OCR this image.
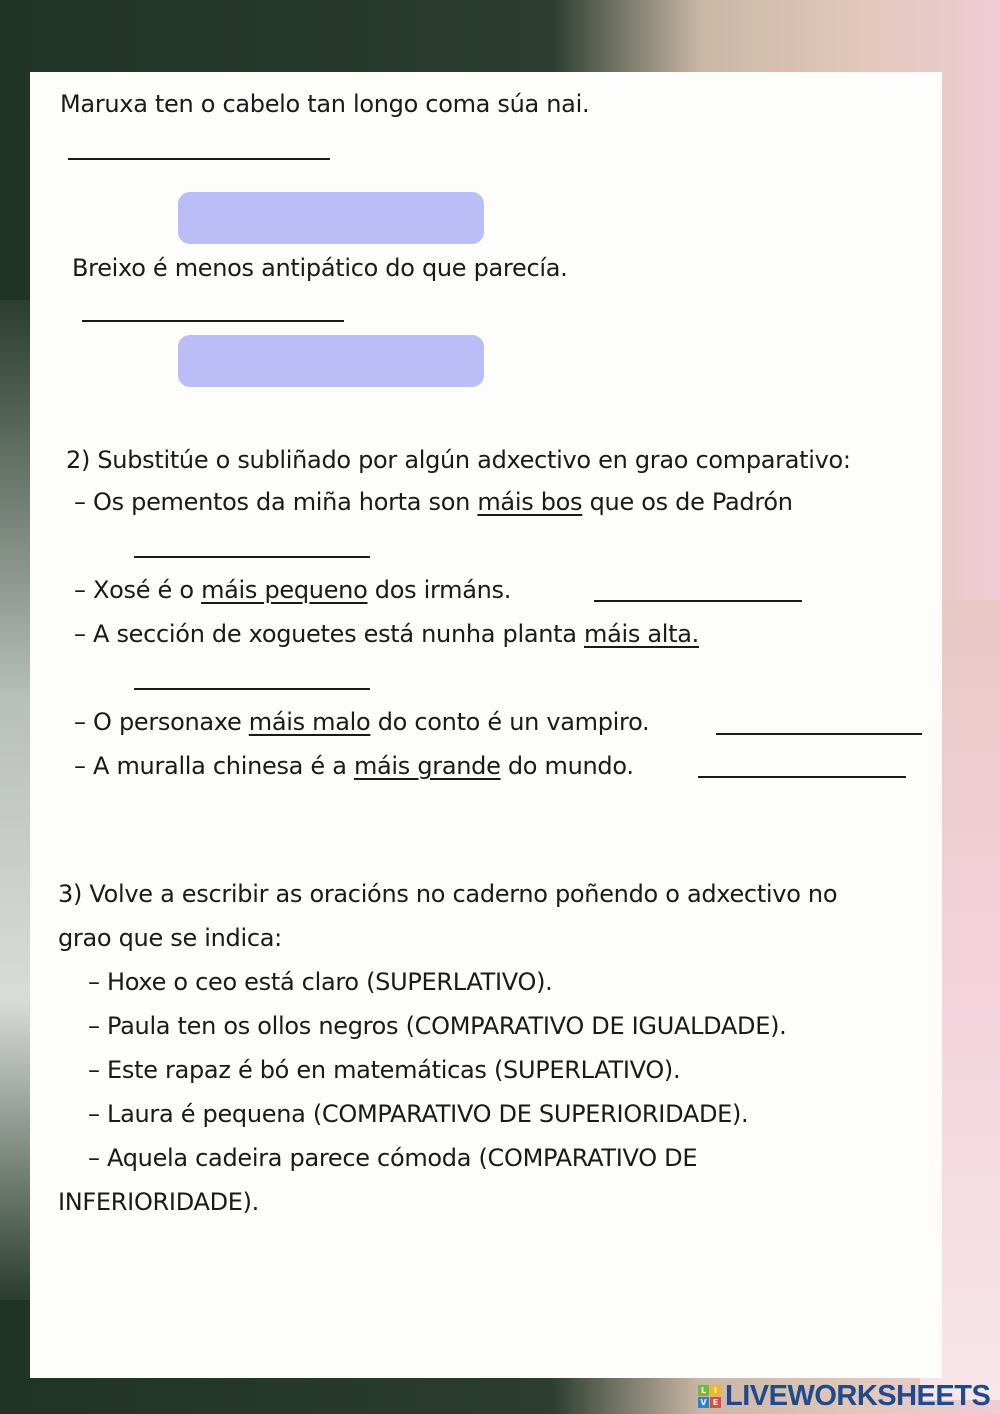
Maruxa ten o cabelo tan longo coma súa nai.
Breixo é menos antipático do que parecía.
2) Substitúe o subliñado por algún adxectivo en grao comparativo:
– Os pementos da miña horta son máis bos que os de Padrón
– Xosé é o máis pequeno dos irmáns.
– A sección de xoguetes está nunha planta máis alta.
– O personaxe máis malo do conto é un vampiro.
– A muralla chinesa é a máis grande do mundo.
3) Volve a escribir as oracións no caderno poñendo o adxectivo no
grao que se indica:
– Hoxe o ceo está claro (SUPERLATIVO).
– Paula ten os ollos negros (COMPARATIVO DE IGUALDADE).
– Este rapaz é bó en matemáticas (SUPERLATIVO).
– Laura é pequena (COMPARATIVO DE SUPERIORIDADE).
– Aquela cadeira parece cómoda (COMPARATIVO DE
INFERIORIDADE).
L I
V E LIVEWORKSHEETS
